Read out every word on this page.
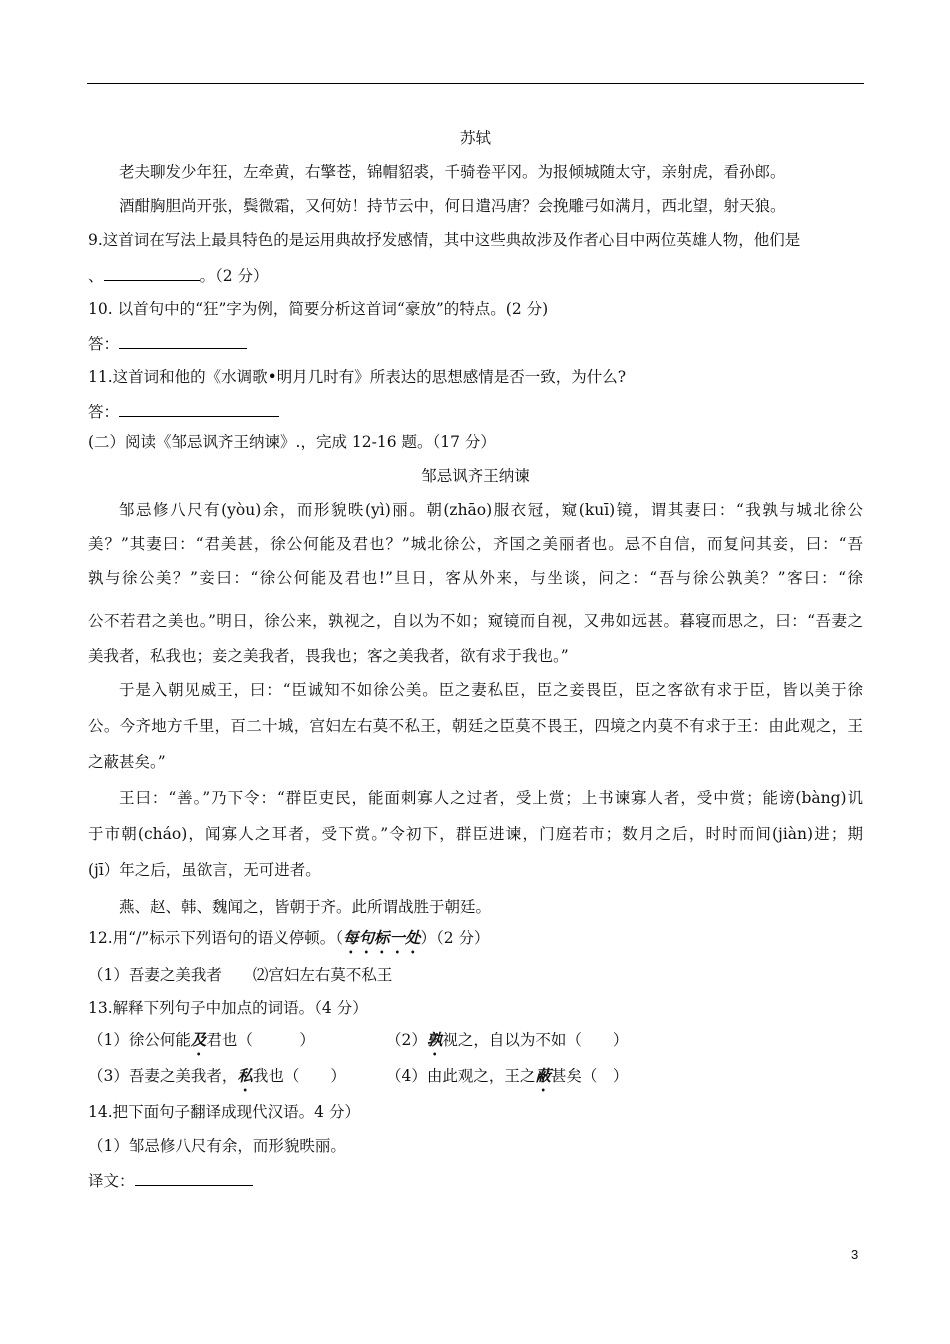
苏轼
老夫聊发少年狂，左牵黄，右擎苍，锦帽貂裘，千骑卷平冈。为报倾城随太守，亲射虎，看孙郎。
酒酣胸胆尚开张，鬓微霜，又何妨！持节云中，何日遣冯唐？会挽雕弓如满月，西北望，射天狼。
9.这首词在写法上最具特色的是运用典故抒发感情，其中这些典故涉及作者心目中两位英雄人物，他们是
、	。（2 分）
10. 以首句中的“狂”字为例，简要分析这首词“豪放”的特点。(2 分)
答：
11.这首词和他的《水调歌•明月几时有》所表达的思想感情是否一致，为什么?
答：
(二）阅读《邹忌讽齐王纳谏》.，完成 12-16 题。（17 分）
邹忌讽齐王纳谏
邹忌修八尺有(yòu)余，而形貌昳(yì)丽。朝(zhāo)服衣冠，窥(kuī)镜，谓其妻曰：“我孰与城北徐公
美？”其妻曰：“君美甚，徐公何能及君也？”城北徐公，齐国之美丽者也。忌不自信，而复问其妾，曰：“吾
孰与徐公美？”妾曰：“徐公何能及君也!”旦日，客从外来，与坐谈，问之：“吾与徐公孰美？”客曰：“徐
公不若君之美也。”明日，徐公来，孰视之，自以为不如；窥镜而自视，又弗如远甚。暮寝而思之，曰：“吾妻之
美我者，私我也；妾之美我者，畏我也；客之美我者，欲有求于我也。”
于是入朝见威王，曰：“臣诚知不如徐公美。臣之妻私臣，臣之妾畏臣，臣之客欲有求于臣，皆以美于徐
公。今齐地方千里，百二十城，宫妇左右莫不私王，朝廷之臣莫不畏王，四境之内莫不有求于王：由此观之，王
之蔽甚矣。”
王曰：“善。”乃下令：“群臣吏民，能面刺寡人之过者，受上赏；上书谏寡人者，受中赏；能谤(bàng)讥
于市朝(cháo)，闻寡人之耳者，受下赏。”令初下，群臣进谏，门庭若市；数月之后，时时而间(jiàn)进；期
(jī）年之后，虽欲言，无可进者。
燕、赵、韩、魏闻之，皆朝于齐。此所谓战胜于朝廷。
12.用“/”标示下列语句的语义停顿。（每句标一处）（2 分）
（1）吾妻之美我者　　⑵宫妇左右莫不私王
13.解释下列句子中加点的词语。（4 分）
（1）徐公何能及君也（　　　）	（2）孰视之，自以为不如（　　）
（3）吾妻之美我者，私我也（　　）	（4）由此观之，王之蔽甚矣（　）
14.把下面句子翻译成现代汉语。4 分）
（1）邹忌修八尺有余，而形貌昳丽。
译文：
3
